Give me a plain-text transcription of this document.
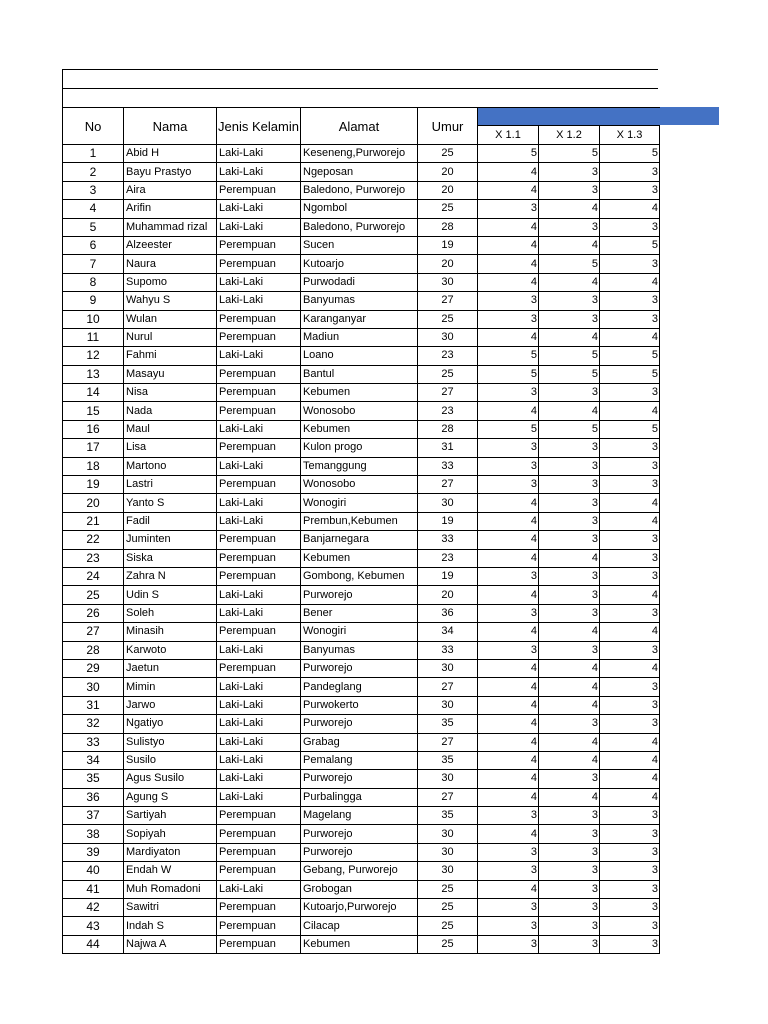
No	Nama	Jenis Kelamin	Alamat	Umur			
					X 1.1	X 1.2	X 1.3
1	Abid H	Laki-Laki	Keseneng,Purworejo	25	5	5	5
2	Bayu Prastyo	Laki-Laki	Ngeposan	20	4	3	3
3	Aira	Perempuan	Baledono, Purworejo	20	4	3	3
4	Arifin	Laki-Laki	Ngombol	25	3	4	4
5	Muhammad rizal	Laki-Laki	Baledono, Purworejo	28	4	3	3
6	Alzeester	Perempuan	Sucen	19	4	4	5
7	Naura	Perempuan	Kutoarjo	20	4	5	3
8	Supomo	Laki-Laki	Purwodadi	30	4	4	4
9	Wahyu S	Laki-Laki	Banyumas	27	3	3	3
10	Wulan	Perempuan	Karanganyar	25	3	3	3
11	Nurul	Perempuan	Madiun	30	4	4	4
12	Fahmi	Laki-Laki	Loano	23	5	5	5
13	Masayu	Perempuan	Bantul	25	5	5	5
14	Nisa	Perempuan	Kebumen	27	3	3	3
15	Nada	Perempuan	Wonosobo	23	4	4	4
16	Maul	Laki-Laki	Kebumen	28	5	5	5
17	Lisa	Perempuan	Kulon progo	31	3	3	3
18	Martono	Laki-Laki	Temanggung	33	3	3	3
19	Lastri	Perempuan	Wonosobo	27	3	3	3
20	Yanto S	Laki-Laki	Wonogiri	30	4	3	4
21	Fadil	Laki-Laki	Prembun,Kebumen	19	4	3	4
22	Juminten	Perempuan	Banjarnegara	33	4	3	3
23	Siska	Perempuan	Kebumen	23	4	4	3
24	Zahra N	Perempuan	Gombong, Kebumen	19	3	3	3
25	Udin S	Laki-Laki	Purworejo	20	4	3	4
26	Soleh	Laki-Laki	Bener	36	3	3	3
27	Minasih	Perempuan	Wonogiri	34	4	4	4
28	Karwoto	Laki-Laki	Banyumas	33	3	3	3
29	Jaetun	Perempuan	Purworejo	30	4	4	4
30	Mimin	Laki-Laki	Pandeglang	27	4	4	3
31	Jarwo	Laki-Laki	Purwokerto	30	4	4	3
32	Ngatiyo	Laki-Laki	Purworejo	35	4	3	3
33	Sulistyo	Laki-Laki	Grabag	27	4	4	4
34	Susilo	Laki-Laki	Pemalang	35	4	4	4
35	Agus Susilo	Laki-Laki	Purworejo	30	4	3	4
36	Agung S	Laki-Laki	Purbalingga	27	4	4	4
37	Sartiyah	Perempuan	Magelang	35	3	3	3
38	Sopiyah	Perempuan	Purworejo	30	4	3	3
39	Mardiyaton	Perempuan	Purworejo	30	3	3	3
40	Endah W	Perempuan	Gebang, Purworejo	30	3	3	3
41	Muh Romadoni	Laki-Laki	Grobogan	25	4	3	3
42	Sawitri	Perempuan	Kutoarjo,Purworejo	25	3	3	3
43	Indah S	Perempuan	Cilacap	25	3	3	3
44	Najwa A	Perempuan	Kebumen	25	3	3	3
